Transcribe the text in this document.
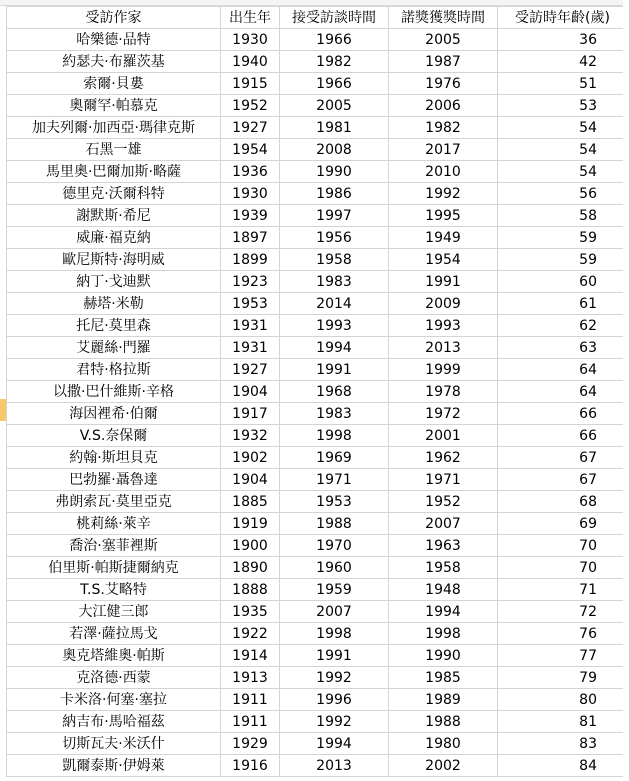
受訪作家	出生年	接受訪談時間	諾獎獲獎時間	受訪時年齡(歲)
哈樂德·品特	1930	1966	2005	36
約瑟夫·布羅茨基	1940	1982	1987	42
索爾·貝婁	1915	1966	1976	51
奧爾罕·帕慕克	1952	2005	2006	53
加夫列爾·加西亞·瑪律克斯	1927	1981	1982	54
石黑一雄	1954	2008	2017	54
馬里奧·巴爾加斯·略薩	1936	1990	2010	54
德里克·沃爾科特	1930	1986	1992	56
謝默斯·希尼	1939	1997	1995	58
威廉·福克納	1897	1956	1949	59
歐尼斯特·海明威	1899	1958	1954	59
納丁·戈迪默	1923	1983	1991	60
赫塔·米勒	1953	2014	2009	61
托尼·莫里森	1931	1993	1993	62
艾麗絲·門羅	1931	1994	2013	63
君特·格拉斯	1927	1991	1999	64
以撒·巴什維斯·辛格	1904	1968	1978	64
海因裡希·伯爾	1917	1983	1972	66
V.S.奈保爾	1932	1998	2001	66
約翰·斯坦貝克	1902	1969	1962	67
巴勃羅·聶魯達	1904	1971	1971	67
弗朗索瓦·莫里亞克	1885	1953	1952	68
桃莉絲·萊辛	1919	1988	2007	69
喬治·塞菲裡斯	1900	1970	1963	70
伯里斯·帕斯捷爾納克	1890	1960	1958	70
T.S.艾略特	1888	1959	1948	71
大江健三郎	1935	2007	1994	72
若澤·薩拉馬戈	1922	1998	1998	76
奧克塔維奧·帕斯	1914	1991	1990	77
克洛德·西蒙	1913	1992	1985	79
卡米洛·何塞·塞拉	1911	1996	1989	80
納吉布·馬哈福茲	1911	1992	1988	81
切斯瓦夫·米沃什	1929	1994	1980	83
凱爾泰斯·伊姆萊	1916	2013	2002	84
